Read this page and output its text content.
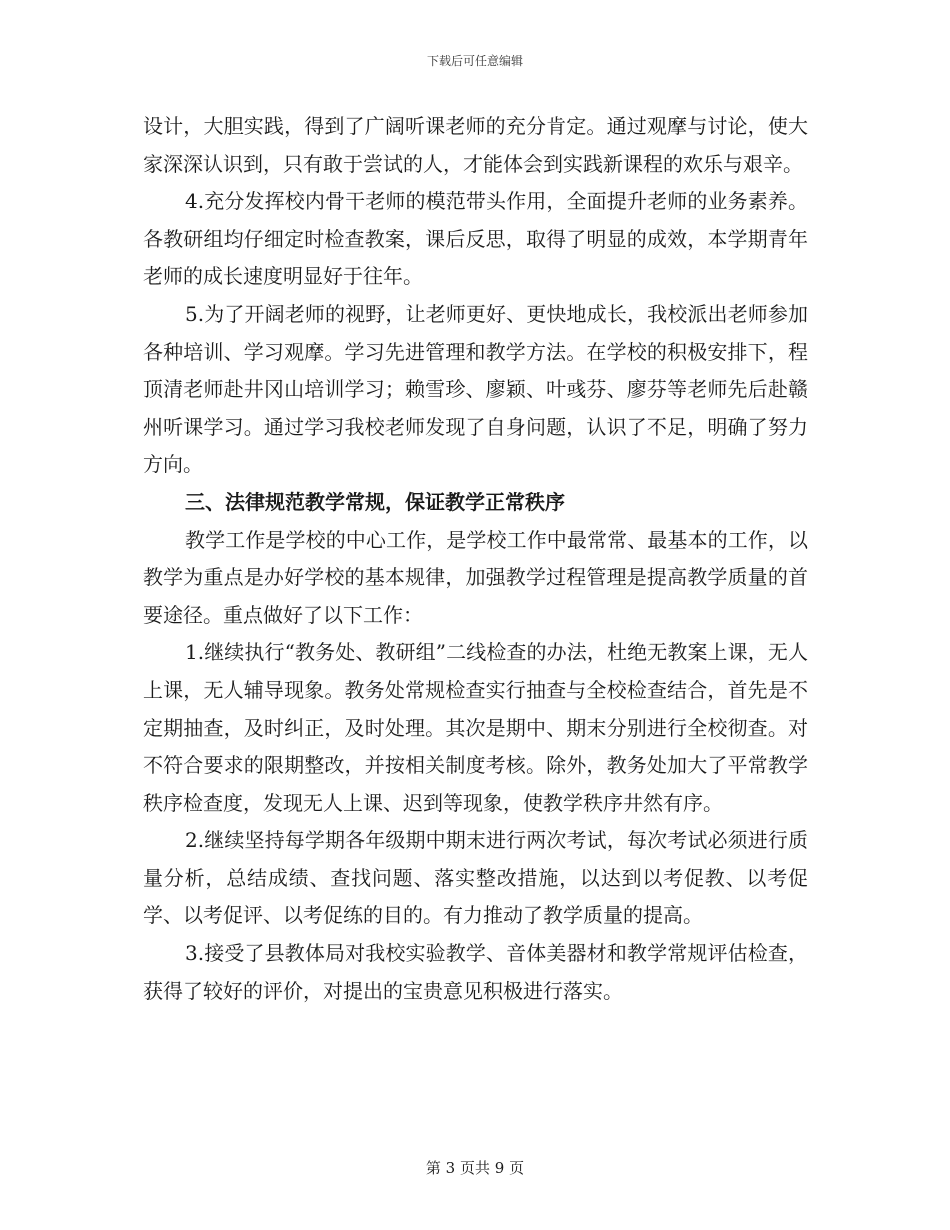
下载后可任意编辑

设计，大胆实践，得到了广阔听课老师的充分肯定。通过观摩与讨论，使大家深深认识到，只有敢于尝试的人，才能体会到实践新课程的欢乐与艰辛。

4.充分发挥校内骨干老师的模范带头作用，全面提升老师的业务素养。各教研组均仔细定时检查教案，课后反思，取得了明显的成效，本学期青年老师的成长速度明显好于往年。

5.为了开阔老师的视野，让老师更好、更快地成长，我校派出老师参加各种培训、学习观摩。学习先进管理和教学方法。在学校的积极安排下，程顶清老师赴井冈山培训学习；赖雪珍、廖颖、叶彧芬、廖芬等老师先后赴赣州听课学习。通过学习我校老师发现了自身问题，认识了不足，明确了努力方向。

三、法律规范教学常规，保证教学正常秩序

教学工作是学校的中心工作，是学校工作中最常常、最基本的工作，以教学为重点是办好学校的基本规律，加强教学过程管理是提高教学质量的首要途径。重点做好了以下工作：

1.继续执行“教务处、教研组”二线检查的办法，杜绝无教案上课，无人上课，无人辅导现象。教务处常规检查实行抽查与全校检查结合，首先是不定期抽查，及时纠正，及时处理。其次是期中、期末分别进行全校彻查。对不符合要求的限期整改，并按相关制度考核。除外，教务处加大了平常教学秩序检查度，发现无人上课、迟到等现象，使教学秩序井然有序。

2.继续坚持每学期各年级期中期末进行两次考试，每次考试必须进行质量分析，总结成绩、查找问题、落实整改措施，以达到以考促教、以考促学、以考促评、以考促练的目的。有力推动了教学质量的提高。

3.接受了县教体局对我校实验教学、音体美器材和教学常规评估检查，获得了较好的评价，对提出的宝贵意见积极进行落实。

第 3 页共 9 页
